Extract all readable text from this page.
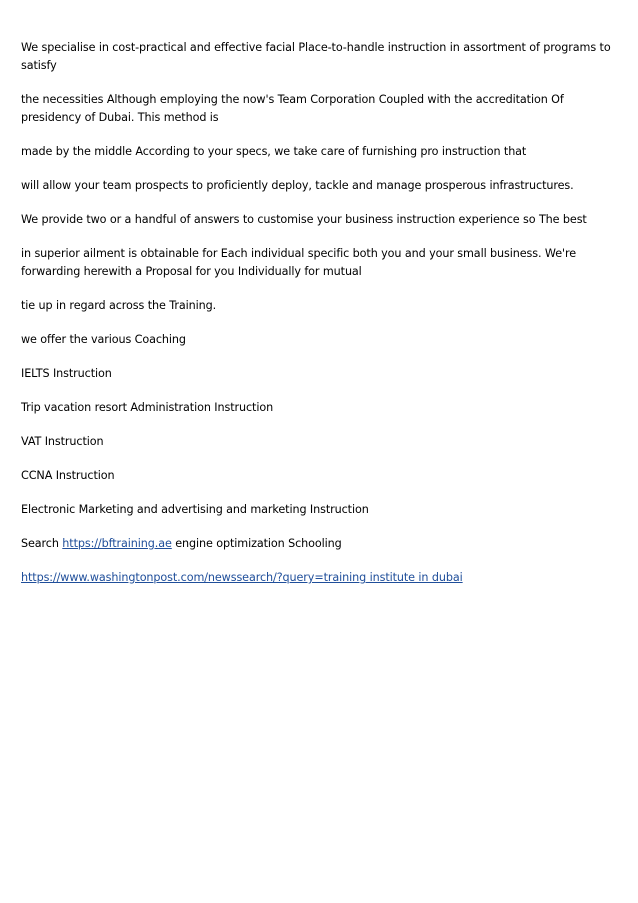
We specialise in cost-practical and effective facial Place-to-handle instruction in assortment of programs to satisfy

the necessities Although employing the now's Team Corporation Coupled with the accreditation Of presidency of Dubai. This method is

made by the middle According to your specs, we take care of furnishing pro instruction that

will allow your team prospects to proficiently deploy, tackle and manage prosperous infrastructures.

We provide two or a handful of answers to customise your business instruction experience so The best

in superior ailment is obtainable for Each individual specific both you and your small business. We're forwarding herewith a Proposal for you Individually for mutual

tie up in regard across the Training.

we offer the various Coaching

IELTS Instruction

Trip vacation resort Administration Instruction

VAT Instruction

CCNA Instruction

Electronic Marketing and advertising and marketing Instruction

Search https://bftraining.ae engine optimization Schooling

https://www.washingtonpost.com/newssearch/?query=training institute in dubai
